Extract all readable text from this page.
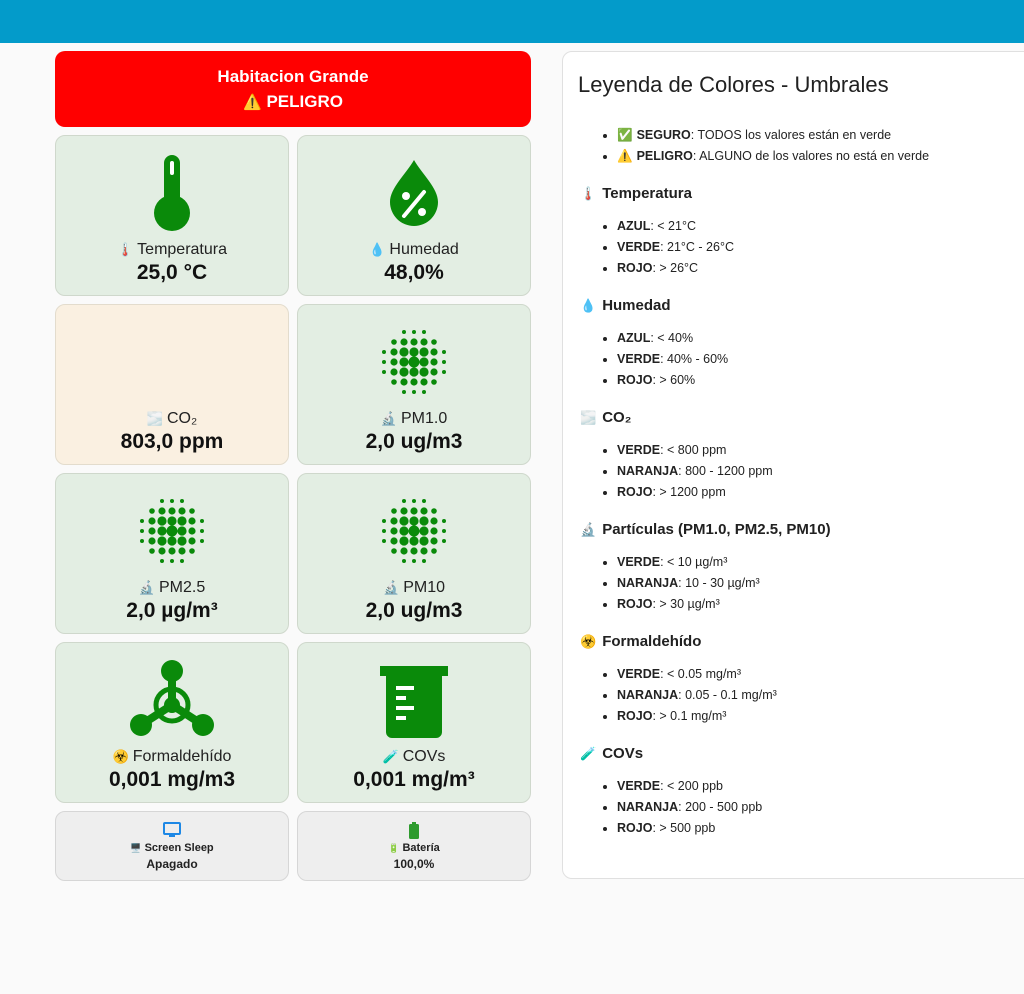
Habitacion Grande
⚠️ PELIGRO
🌡️ Temperatura
25,0 °C
💧 Humedad
48,0%
🌫️ CO₂
803,0 ppm
🔬 PM1.0
2,0 ug/m3
🔬 PM2.5
2,0 µg/m³
🔬 PM10
2,0 ug/m3
☣️ Formaldehído
0,001 mg/m3
🧪 COVs
0,001 mg/m³
🖥️ Screen Sleep
Apagado
🔋 Batería
100,0%
Leyenda de Colores - Umbrales
• ✅ SEGURO: TODOS los valores están en verde
• ⚠️ PELIGRO: ALGUNO de los valores no está en verde
🌡️ Temperatura
• AZUL: < 21°C
• VERDE: 21°C - 26°C
• ROJO: > 26°C
💧 Humedad
• AZUL: < 40%
• VERDE: 40% - 60%
• ROJO: > 60%
🌫️ CO₂
• VERDE: < 800 ppm
• NARANJA: 800 - 1200 ppm
• ROJO: > 1200 ppm
🔬 Partículas (PM1.0, PM2.5, PM10)
• VERDE: < 10 µg/m³
• NARANJA: 10 - 30 µg/m³
• ROJO: > 30 µg/m³
☣️ Formaldehído
• VERDE: < 0.05 mg/m³
• NARANJA: 0.05 - 0.1 mg/m³
• ROJO: > 0.1 mg/m³
🧪 COVs
• VERDE: < 200 ppb
• NARANJA: 200 - 500 ppb
• ROJO: > 500 ppb
